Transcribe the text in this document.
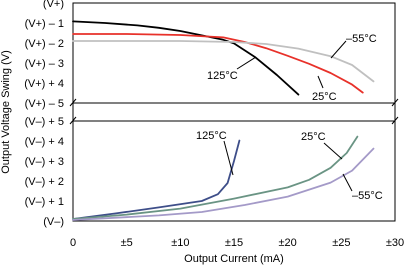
(V+)
(V+) – 1
(V+) – 2
(V+) – 3
(V+) + 4
(V+) – 5
(V–) + 5
(V–) + 4
(V–) + 3
(V–) + 2
(V–) + 1
(V–)
0	±5	±10	±15	±20	±25	±30
Output Current (mA)
Output Voltage Swing (V)	125°C
25°C
–55°C
125°C	25°C
–55°C
